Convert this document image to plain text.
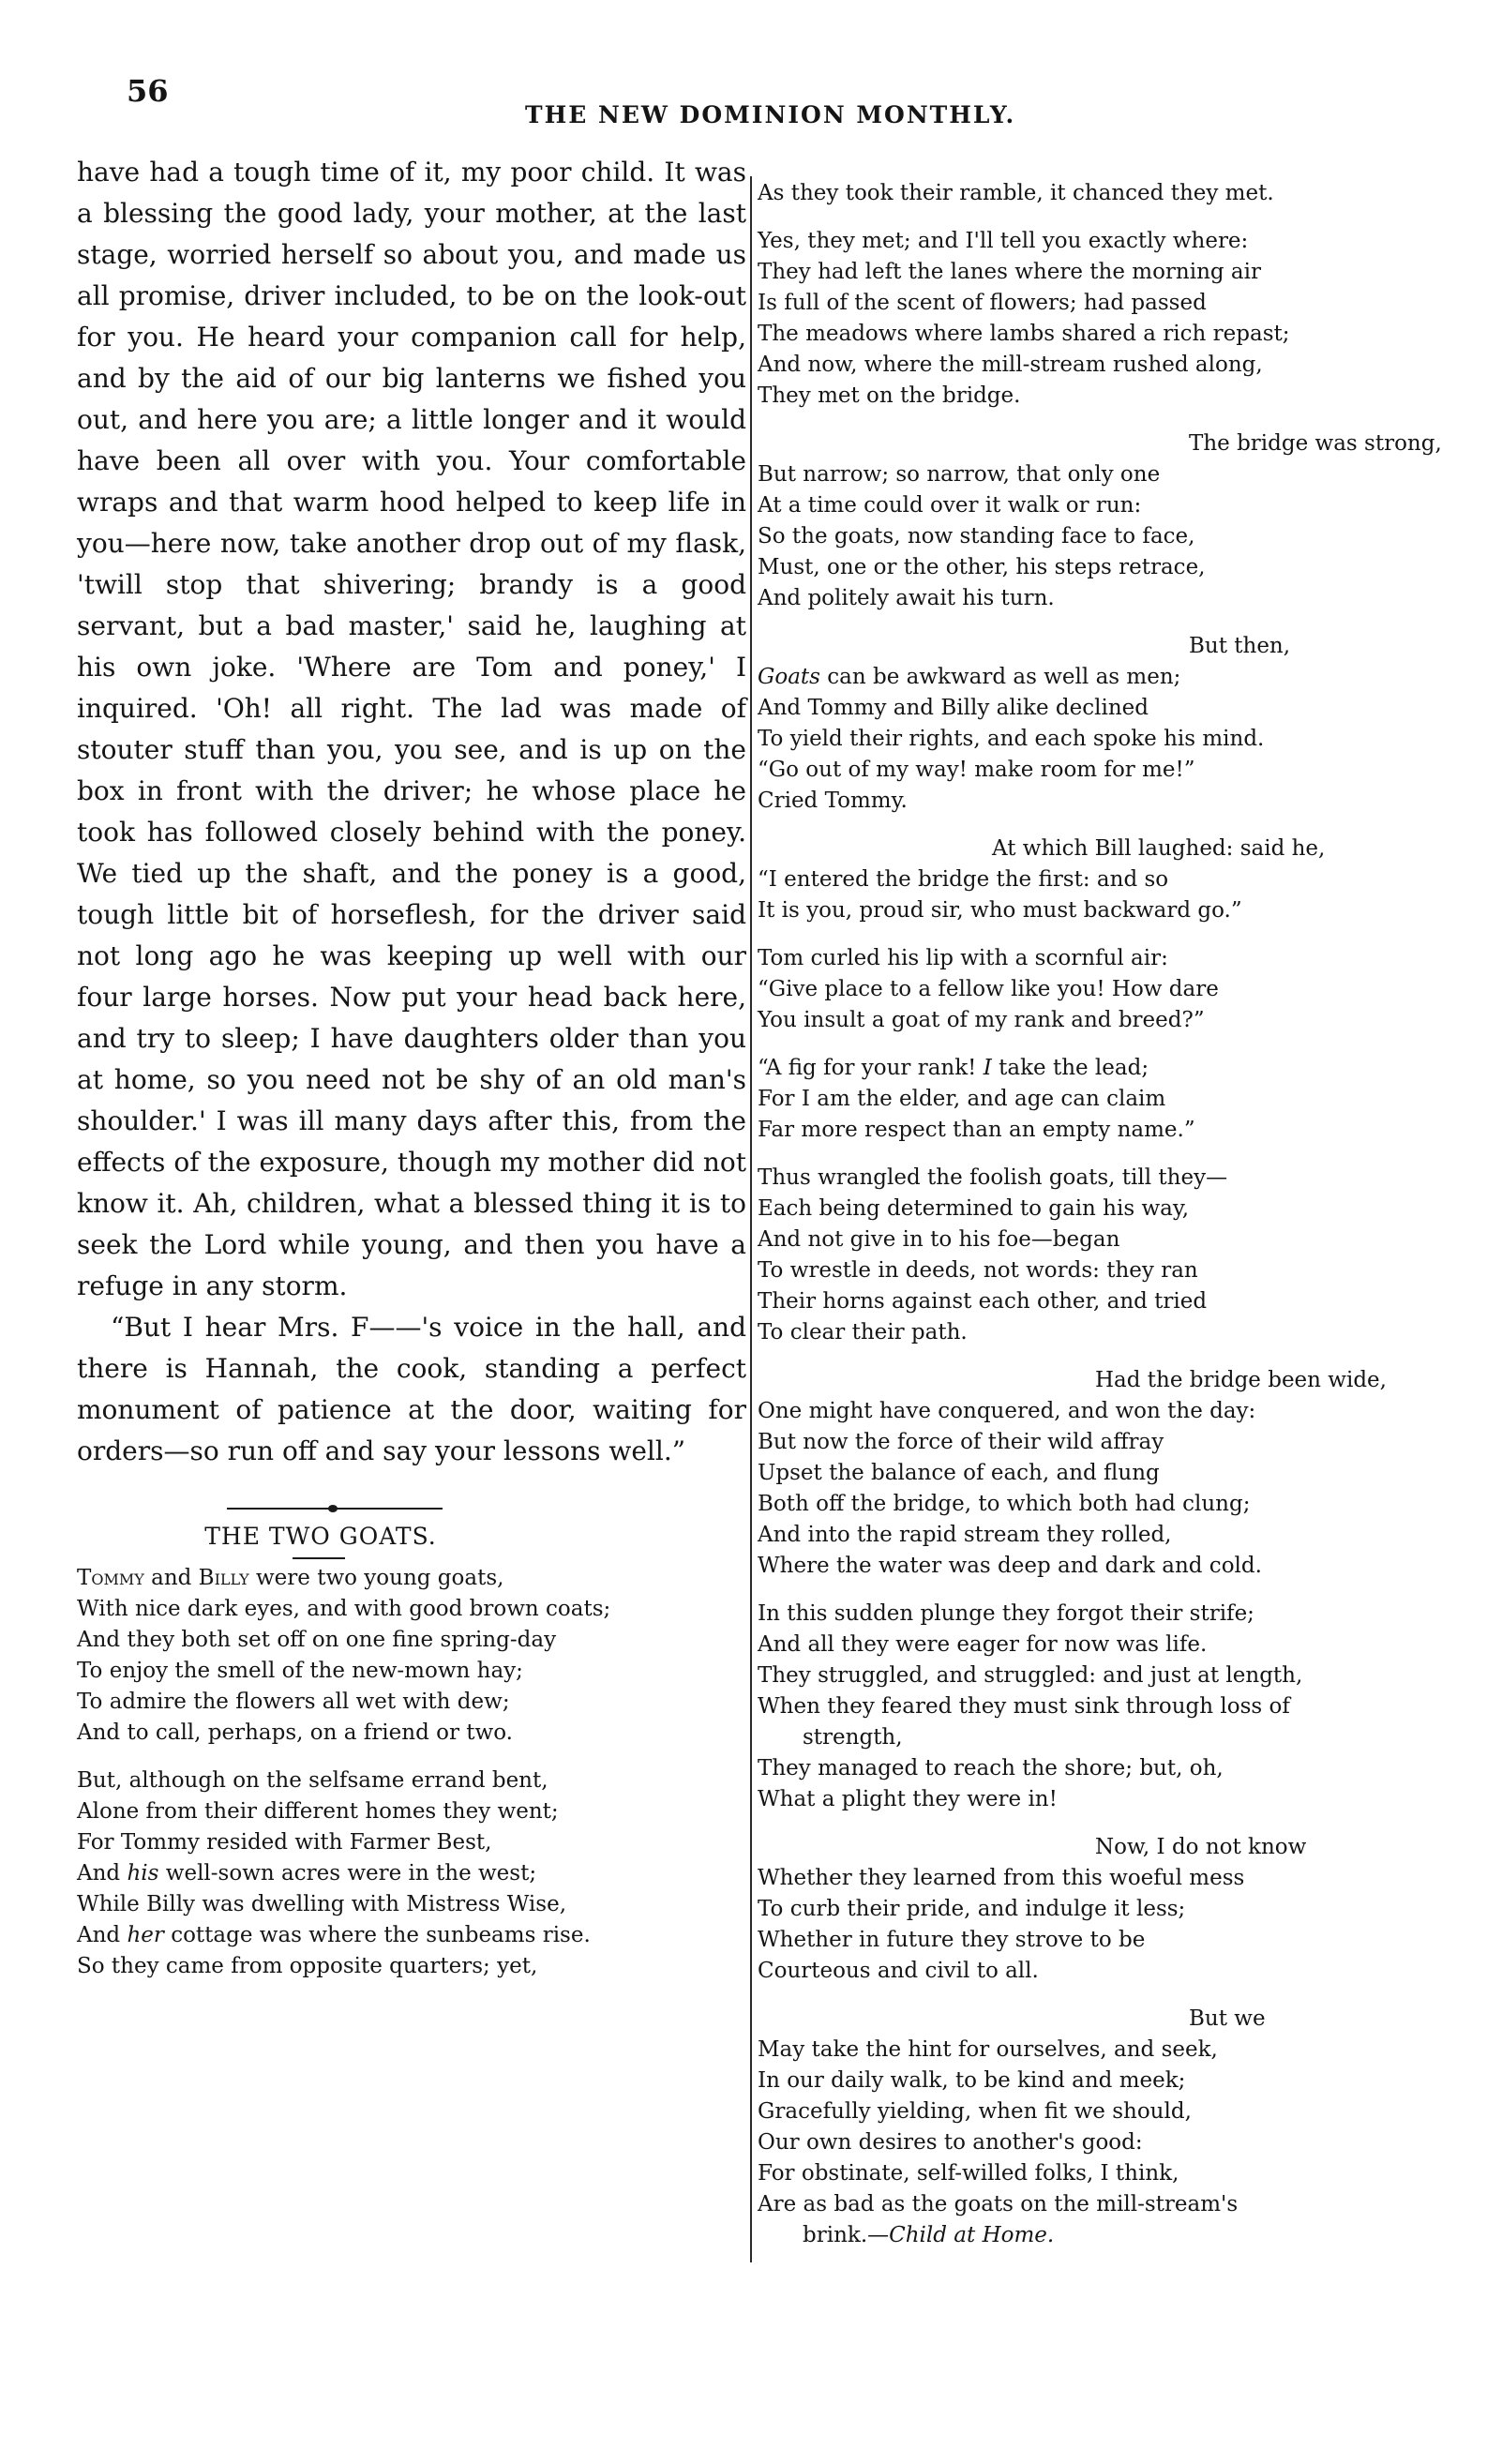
56
THE NEW DOMINION MONTHLY.

have had a tough time of it, my poor child. It was a blessing the good lady, your mother, at the last stage, worried herself so about you, and made us all promise, driver included, to be on the look-out for you. He heard your companion call for help, and by the aid of our big lanterns we fished you out, and here you are; a little longer and it would have been all over with you. Your comfortable wraps and that warm hood helped to keep life in you—here now, take another drop out of my flask, 'twill stop that shivering; brandy is a good servant, but a bad master,' said he, laughing at his own joke. 'Where are Tom and poney,' I inquired. 'Oh! all right. The lad was made of stouter stuff than you, you see, and is up on the box in front with the driver; he whose place he took has followed closely behind with the poney. We tied up the shaft, and the poney is a good, tough little bit of horseflesh, for the driver said not long ago he was keeping up well with our four large horses. Now put your head back here, and try to sleep; I have daughters older than you at home, so you need not be shy of an old man's shoulder.' I was ill many days after this, from the effects of the exposure, though my mother did not know it. Ah, children, what a blessed thing it is to seek the Lord while young, and then you have a refuge in any storm.

“But I hear Mrs. F——'s voice in the hall, and there is Hannah, the cook, standing a perfect monument of patience at the door, waiting for orders—so run off and say your lessons well.”

THE TWO GOATS.
Tommy and Billy were two young goats,
With nice dark eyes, and with good brown coats;
And they both set off on one fine spring-day
To enjoy the smell of the new-mown hay;
To admire the flowers all wet with dew;
And to call, perhaps, on a friend or two.
But, although on the selfsame errand bent,
Alone from their different homes they went;
For Tommy resided with Farmer Best,
And his well-sown acres were in the west;
While Billy was dwelling with Mistress Wise,
And her cottage was where the sunbeams rise.
So they came from opposite quarters; yet,
As they took their ramble, it chanced they met.
Yes, they met; and I'll tell you exactly where:
They had left the lanes where the morning air
Is full of the scent of flowers; had passed
The meadows where lambs shared a rich repast;
And now, where the mill-stream rushed along,
They met on the bridge.
The bridge was strong,
But narrow; so narrow, that only one
At a time could over it walk or run:
So the goats, now standing face to face,
Must, one or the other, his steps retrace,
And politely await his turn.
But then,
Goats can be awkward as well as men;
And Tommy and Billy alike declined
To yield their rights, and each spoke his mind.
“Go out of my way! make room for me!”
Cried Tommy.
At which Bill laughed: said he,
“I entered the bridge the first: and so
It is you, proud sir, who must backward go.”
Tom curled his lip with a scornful air:
“Give place to a fellow like you! How dare
You insult a goat of my rank and breed?”
“A fig for your rank! I take the lead;
For I am the elder, and age can claim
Far more respect than an empty name.”
Thus wrangled the foolish goats, till they—
Each being determined to gain his way,
And not give in to his foe—began
To wrestle in deeds, not words: they ran
Their horns against each other, and tried
To clear their path.
Had the bridge been wide,
One might have conquered, and won the day:
But now the force of their wild affray
Upset the balance of each, and flung
Both off the bridge, to which both had clung;
And into the rapid stream they rolled,
Where the water was deep and dark and cold.
In this sudden plunge they forgot their strife;
And all they were eager for now was life.
They struggled, and struggled: and just at length,
When they feared they must sink through loss of
strength,
They managed to reach the shore; but, oh,
What a plight they were in!
Now, I do not know
Whether they learned from this woeful mess
To curb their pride, and indulge it less;
Whether in future they strove to be
Courteous and civil to all.
But we
May take the hint for ourselves, and seek,
In our daily walk, to be kind and meek;
Gracefully yielding, when fit we should,
Our own desires to another's good:
For obstinate, self-willed folks, I think,
Are as bad as the goats on the mill-stream's
brink.—Child at Home.
